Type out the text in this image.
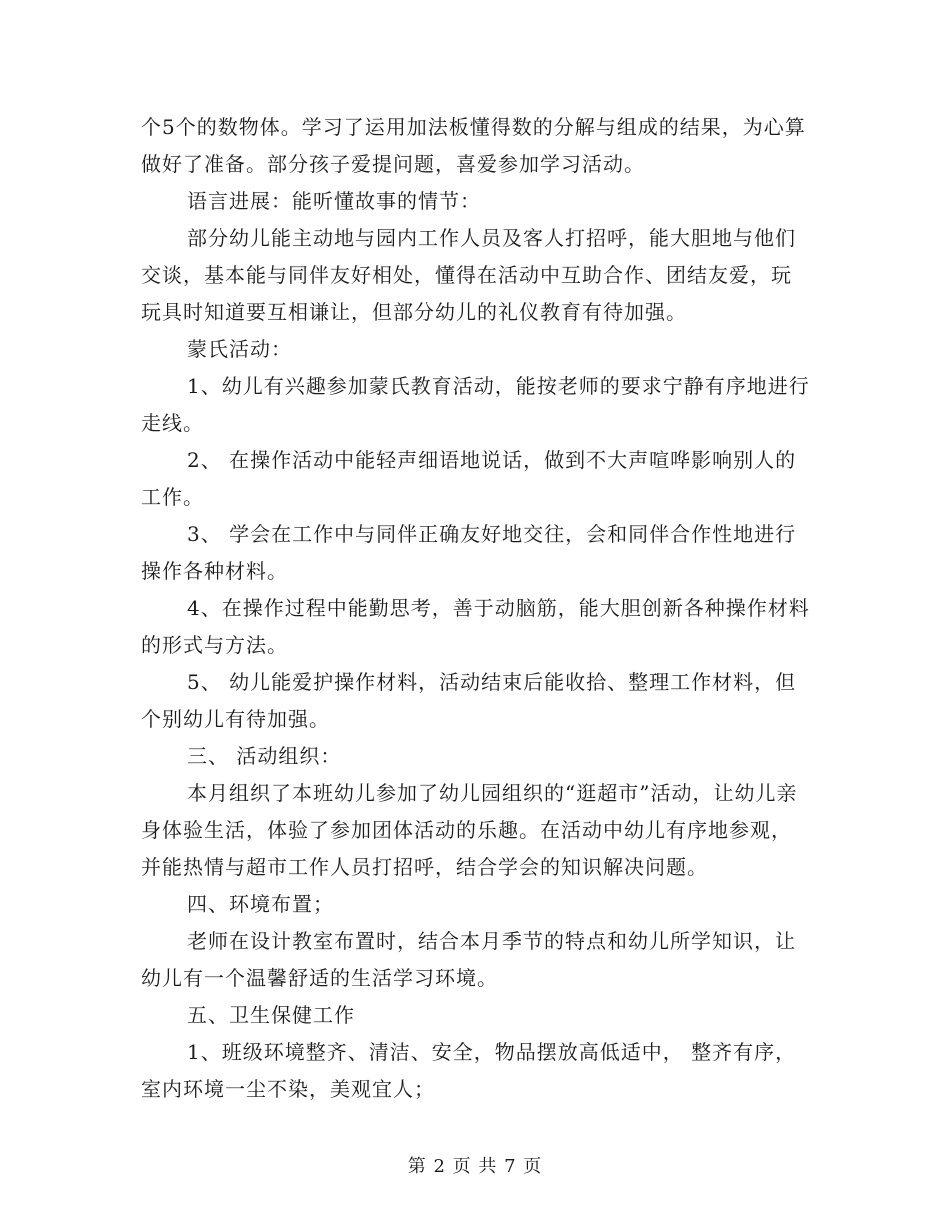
个5个的数物体。学习了运用加法板懂得数的分解与组成的结果，为心算做好了准备。部分孩子爱提问题，喜爱参加学习活动。

语言进展：能听懂故事的情节：

部分幼儿能主动地与园内工作人员及客人打招呼，能大胆地与他们交谈，基本能与同伴友好相处，懂得在活动中互助合作、团结友爱，玩玩具时知道要互相谦让，但部分幼儿的礼仪教育有待加强。

蒙氏活动：

1、幼儿有兴趣参加蒙氏教育活动，能按老师的要求宁静有序地进行走线。

2、 在操作活动中能轻声细语地说话，做到不大声喧哗影响别人的工作。

3、 学会在工作中与同伴正确友好地交往，会和同伴合作性地进行操作各种材料。

4、在操作过程中能勤思考，善于动脑筋，能大胆创新各种操作材料的形式与方法。

5、 幼儿能爱护操作材料，活动结束后能收拾、整理工作材料，但个别幼儿有待加强。

三、 活动组织：

本月组织了本班幼儿参加了幼儿园组织的“逛超市”活动，让幼儿亲身体验生活，体验了参加团体活动的乐趣。在活动中幼儿有序地参观，并能热情与超市工作人员打招呼，结合学会的知识解决问题。

四、环境布置；

老师在设计教室布置时，结合本月季节的特点和幼儿所学知识，让幼儿有一个温馨舒适的生活学习环境。

五、卫生保健工作

1、班级环境整齐、清洁、安全，物品摆放高低适中， 整齐有序，室内环境一尘不染，美观宜人；

第 2 页 共 7 页
